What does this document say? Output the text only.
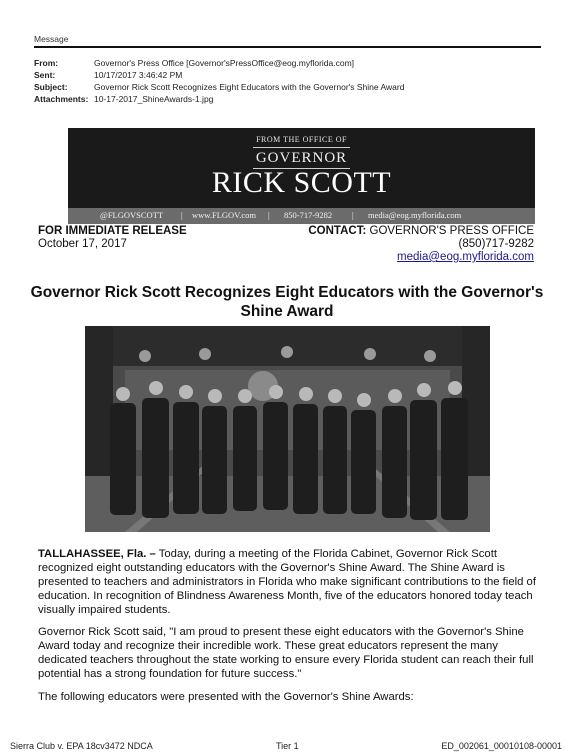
Message
From:	Governor's Press Office [Governor'sPressOffice@eog.myflorida.com]
Sent:	10/17/2017 3:46:42 PM
Subject:	Governor Rick Scott Recognizes Eight Educators with the Governor's Shine Award
Attachments: 10-17-2017_ShineAwards-1.jpg
FROM THE OFFICE OF
GOVERNOR
RICK SCOTT
@FLGOVSCOTT | www.FLGOV.com | 850-717-9282 | media@eog.myflorida.com
FOR IMMEDIATE RELEASE
October 17, 2017
CONTACT: GOVERNOR'S PRESS OFFICE
(850)717-9282
media@eog.myflorida.com
Governor Rick Scott Recognizes Eight Educators with the Governor's Shine Award
TALLAHASSEE, Fla. – Today, during a meeting of the Florida Cabinet, Governor Rick Scott recognized eight outstanding educators with the Governor's Shine Award. The Shine Award is presented to teachers and administrators in Florida who make significant contributions to the field of education. In recognition of Blindness Awareness Month, five of the educators honored today teach visually impaired students.
Governor Rick Scott said, "I am proud to present these eight educators with the Governor's Shine Award today and recognize their incredible work. These great educators represent the many dedicated teachers throughout the state working to ensure every Florida student can reach their full potential has a strong foundation for future success."
The following educators were presented with the Governor's Shine Awards:
Sierra Club v. EPA 18cv3472 NDCA	Tier 1	ED_002061_00010108-00001
